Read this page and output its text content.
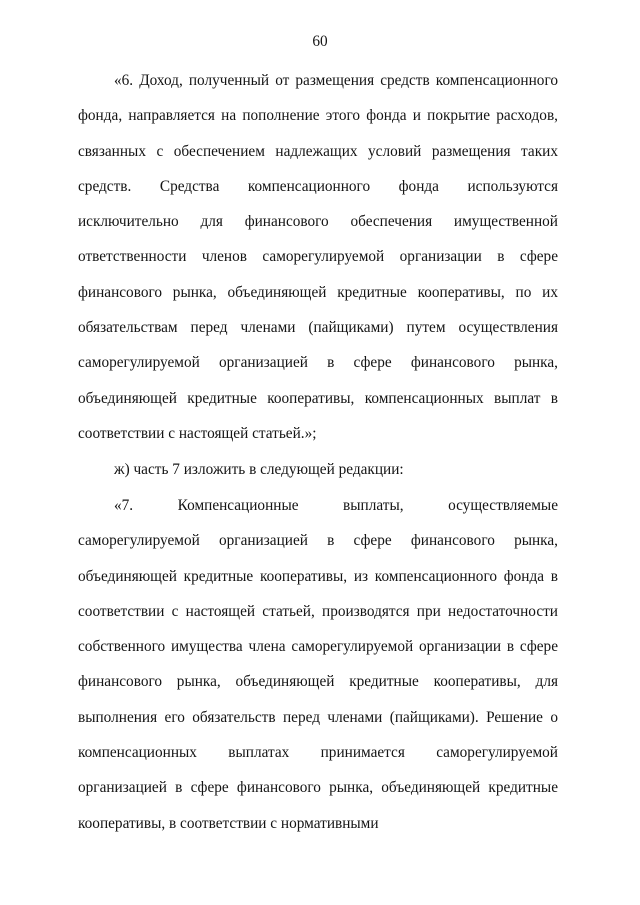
60

«6. Доход, полученный от размещения средств компенсационного фонда, направляется на пополнение этого фонда и покрытие расходов, связанных с обеспечением надлежащих условий размещения таких средств. Средства компенсационного фонда используются исключительно для финансового обеспечения имущественной ответственности членов саморегулируемой организации в сфере финансового рынка, объединяющей кредитные кооперативы, по их обязательствам перед членами (пайщиками) путем осуществления саморегулируемой организацией в сфере финансового рынка, объединяющей кредитные кооперативы, компенсационных выплат в соответствии с настоящей статьей.»;

ж) часть 7 изложить в следующей редакции:

«7. Компенсационные выплаты, осуществляемые саморегулируемой организацией в сфере финансового рынка, объединяющей кредитные кооперативы, из компенсационного фонда в соответствии с настоящей статьей, производятся при недостаточности собственного имущества члена саморегулируемой организации в сфере финансового рынка, объединяющей кредитные кооперативы, для выполнения его обязательств перед членами (пайщиками). Решение о компенсационных выплатах принимается саморегулируемой организацией в сфере финансового рынка, объединяющей кредитные кооперативы, в соответствии с нормативными
